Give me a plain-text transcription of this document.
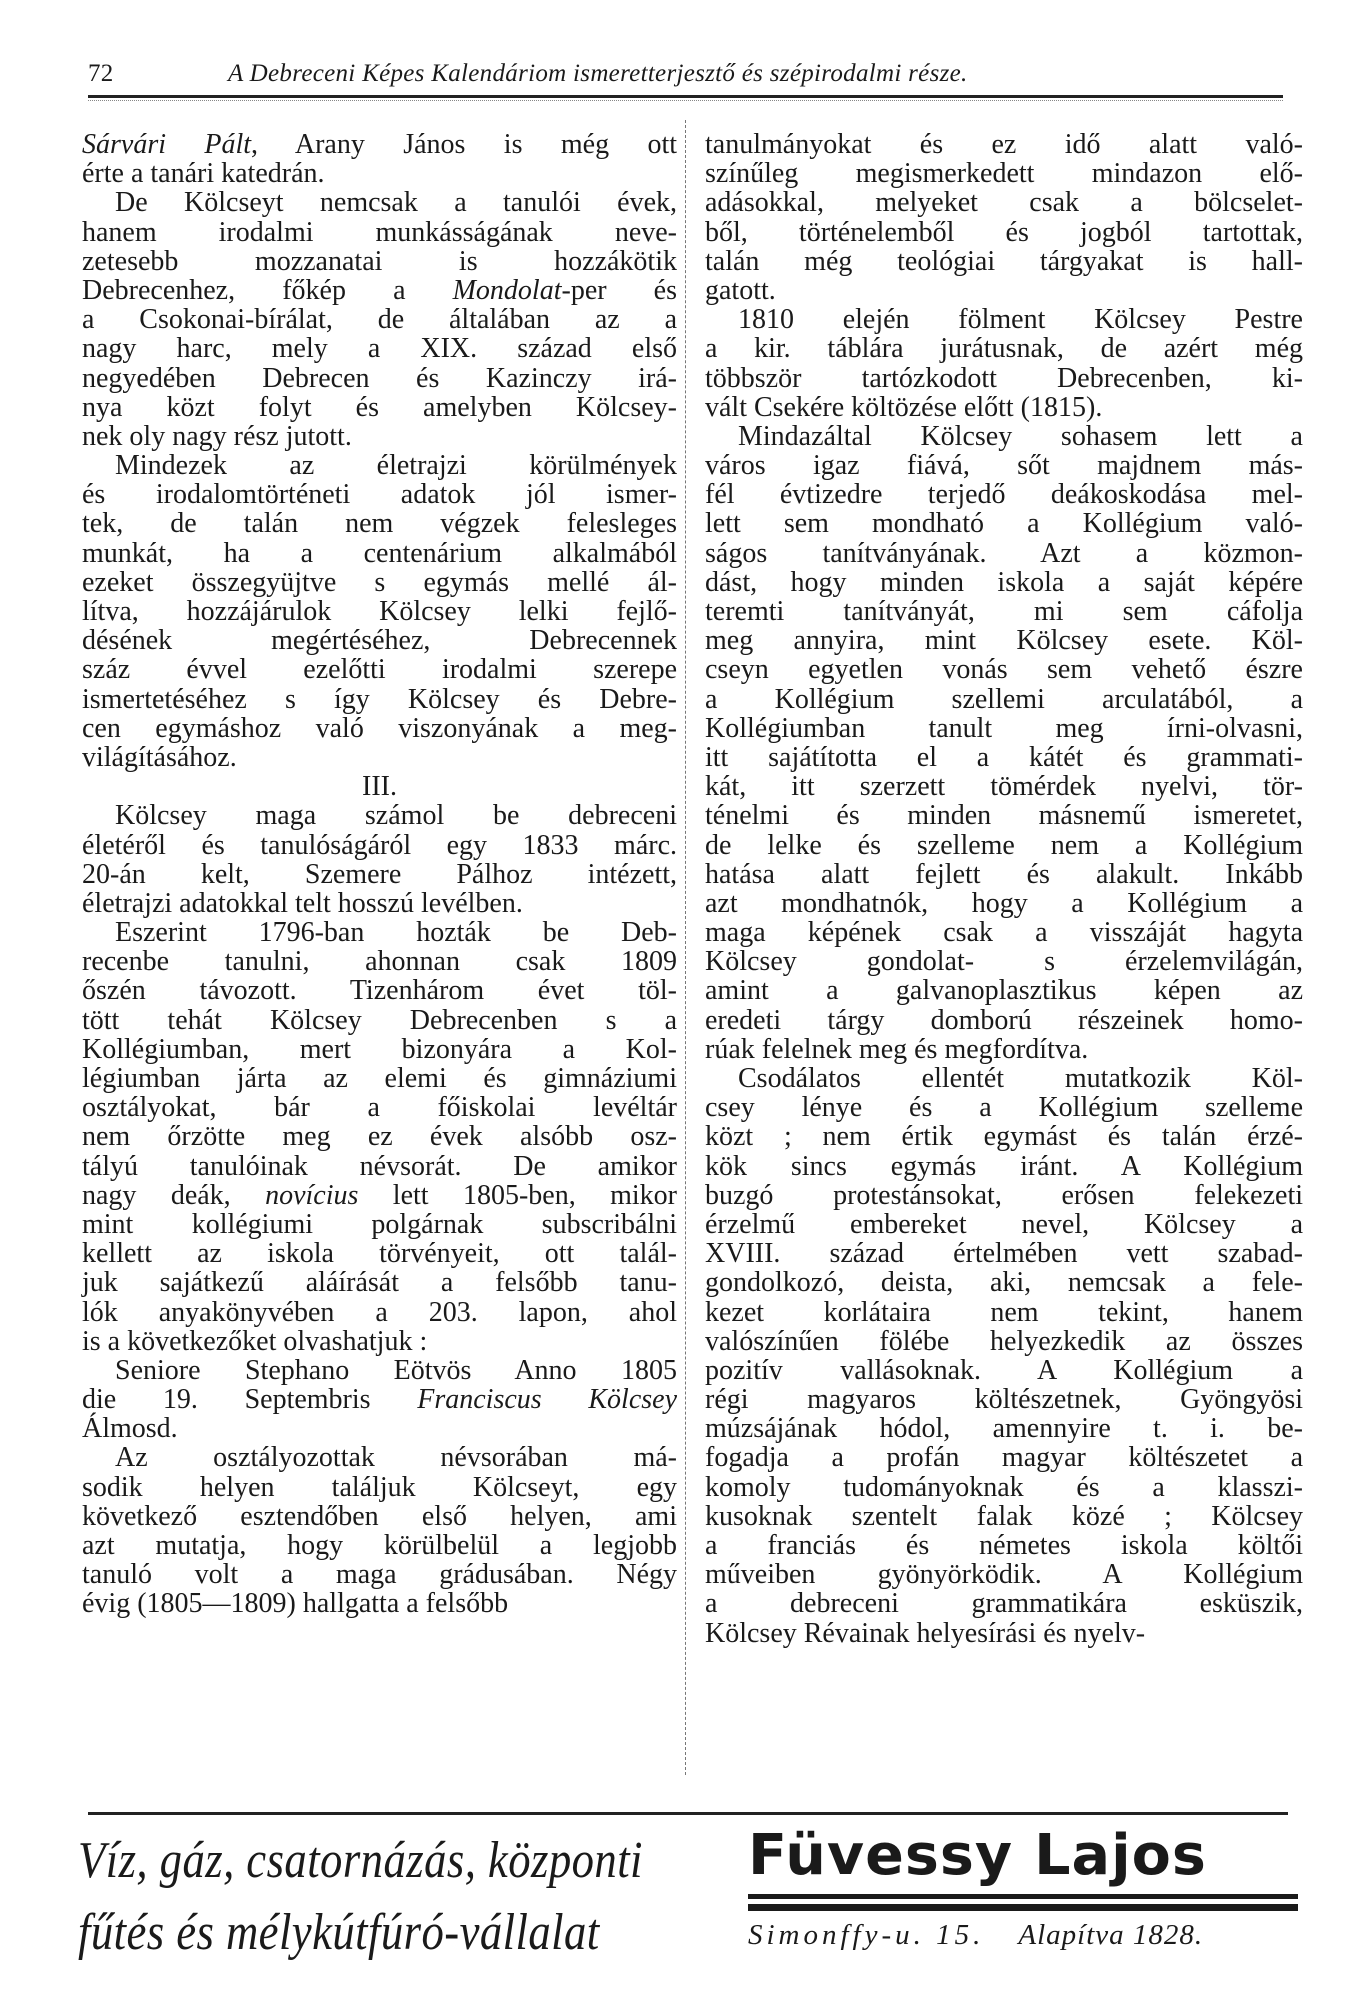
72	A Debreceni Képes Kalendáriom ismeretterjesztő és szépirodalmi része.
Sárvári Pált, Arany János is még ott
érte a tanári katedrán.
De Kölcseyt nemcsak a tanulói évek,
hanem irodalmi munkásságának neve-
zetesebb mozzanatai is hozzákötik
Debrecenhez, főkép a Mondolat-per és
a Csokonai-bírálat, de általában az a
nagy harc, mely a XIX. század első
negyedében Debrecen és Kazinczy irá-
nya közt folyt és amelyben Kölcsey-
nek oly nagy rész jutott.
Mindezek az életrajzi körülmények
és irodalomtörténeti adatok jól ismer-
tek, de talán nem végzek felesleges
munkát, ha a centenárium alkalmából
ezeket összegyüjtve s egymás mellé ál-
lítva, hozzájárulok Kölcsey lelki fejlő-
désének megértéséhez, Debrecennek
száz évvel ezelőtti irodalmi szerepe
ismertetéséhez s így Kölcsey és Debre-
cen egymáshoz való viszonyának a meg-
világításához.
III.
Kölcsey maga számol be debreceni
életéről és tanulóságáról egy 1833 márc.
20-án kelt, Szemere Pálhoz intézett,
életrajzi adatokkal telt hosszú levélben.
Eszerint 1796-ban hozták be Deb-
recenbe tanulni, ahonnan csak 1809
őszén távozott. Tizenhárom évet töl-
tött tehát Kölcsey Debrecenben s a
Kollégiumban, mert bizonyára a Kol-
légiumban járta az elemi és gimnáziumi
osztályokat, bár a főiskolai levéltár
nem őrzötte meg ez évek alsóbb osz-
tályú tanulóinak névsorát. De amikor
nagy deák, novícius lett 1805-ben, mikor
mint kollégiumi polgárnak subscribálni
kellett az iskola törvényeit, ott talál-
juk sajátkezű aláírását a felsőbb tanu-
lók anyakönyvében a 203. lapon, ahol
is a következőket olvashatjuk :
Seniore Stephano Eötvös Anno 1805
die 19. Septembris Franciscus Kölcsey
Álmosd.
Az osztályozottak névsorában má-
sodik helyen találjuk Kölcseyt, egy
következő esztendőben első helyen, ami
azt mutatja, hogy körülbelül a legjobb
tanuló volt a maga grádusában. Négy
évig (1805—1809) hallgatta a felsőbb
tanulmányokat és ez idő alatt való-
színűleg megismerkedett mindazon elő-
adásokkal, melyeket csak a bölcselet-
ből, történelemből és jogból tartottak,
talán még teológiai tárgyakat is hall-
gatott.
1810 elején fölment Kölcsey Pestre
a kir. táblára jurátusnak, de azért még
többször tartózkodott Debrecenben, ki-
vált Csekére költözése előtt (1815).
Mindazáltal Kölcsey sohasem lett a
város igaz fiává, sőt majdnem más-
fél évtizedre terjedő deákoskodása mel-
lett sem mondható a Kollégium való-
ságos tanítványának. Azt a közmon-
dást, hogy minden iskola a saját képére
teremti tanítványát, mi sem cáfolja
meg annyira, mint Kölcsey esete. Köl-
cseyn egyetlen vonás sem vehető észre
a Kollégium szellemi arculatából, a
Kollégiumban tanult meg írni-olvasni,
itt sajátította el a kátét és grammati-
kát, itt szerzett tömérdek nyelvi, tör-
ténelmi és minden másnemű ismeretet,
de lelke és szelleme nem a Kollégium
hatása alatt fejlett és alakult. Inkább
azt mondhatnók, hogy a Kollégium a
maga képének csak a visszáját hagyta
Kölcsey gondolat- s érzelemvilágán,
amint a galvanoplasztikus képen az
eredeti tárgy domború részeinek homo-
rúak felelnek meg és megfordítva.
Csodálatos ellentét mutatkozik Köl-
csey lénye és a Kollégium szelleme
közt ; nem értik egymást és talán érzé-
kök sincs egymás iránt. A Kollégium
buzgó protestánsokat, erősen felekezeti
érzelmű embereket nevel, Kölcsey a
XVIII. század értelmében vett szabad-
gondolkozó, deista, aki, nemcsak a fele-
kezet korlátaira nem tekint, hanem
valószínűen fölébe helyezkedik az összes
pozitív vallásoknak. A Kollégium a
régi magyaros költészetnek, Gyöngyösi
múzsájának hódol, amennyire t. i. be-
fogadja a profán magyar költészetet a
komoly tudományoknak és a klasszi-
kusoknak szentelt falak közé ; Kölcsey
a franciás és németes iskola költői
műveiben gyönyörködik. A Kollégium
a debreceni grammatikára esküszik,
Kölcsey Révainak helyesírási és nyelv-
Víz, gáz, csatornázás, központi
fűtés és mélykútfúró-vállalat
Füvessy Lajos
Simonffy-u. 15. Alapítva 1828.
